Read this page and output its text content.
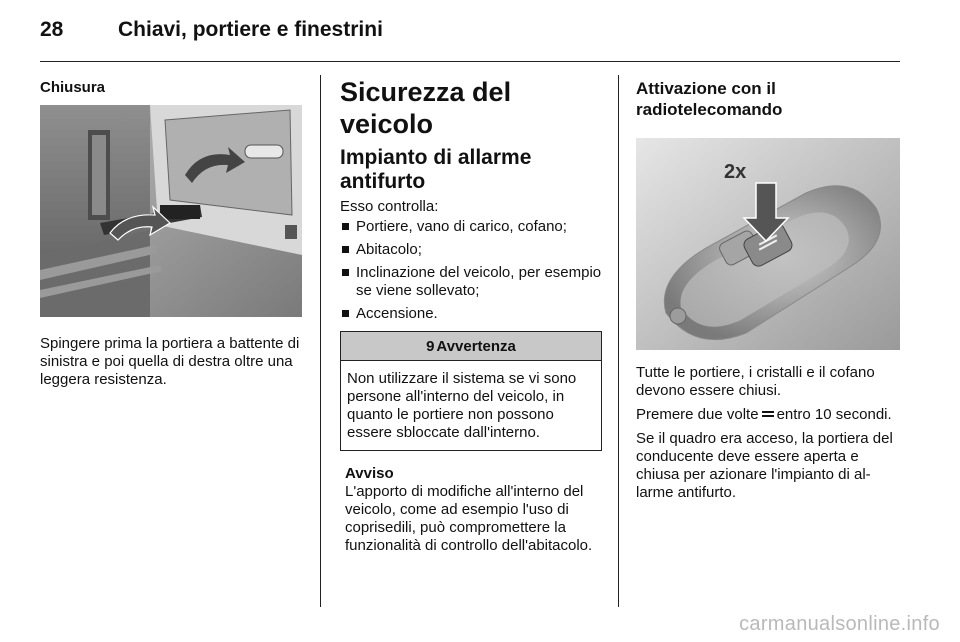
28	Chiavi, portiere e finestrini
Chiusura

Spingere prima la portiera a battente di sinistra e poi quella di destra oltre una leggera resistenza.

Sicurezza del veicolo
Impianto di allarme antifurto

Esso controlla:

Portiere, vano di carico, cofano;
Abitacolo;
Inclinazione del veicolo, per esempio se viene sollevato;
Accensione.
9 Avvertenza
Non utilizzare il sistema se vi sono persone all'interno del veicolo, in quanto le portiere non possono essere sbloccate dall'interno.
Avviso
L'apporto di modifiche all'interno del veicolo, come ad esempio l'uso di coprisedili, può compromettere la funzionalità di controllo dell'abitacolo.
Attivazione con il radiotelecomando
2x

Tutte le portiere, i cristalli e il cofano devono essere chiusi.

Premere due volte entro 10 secondi.

Se il quadro era acceso, la portiera del conducente deve essere aperta e chiusa per azionare l'impianto di allarme antifurto.

carmanualsonline.info
